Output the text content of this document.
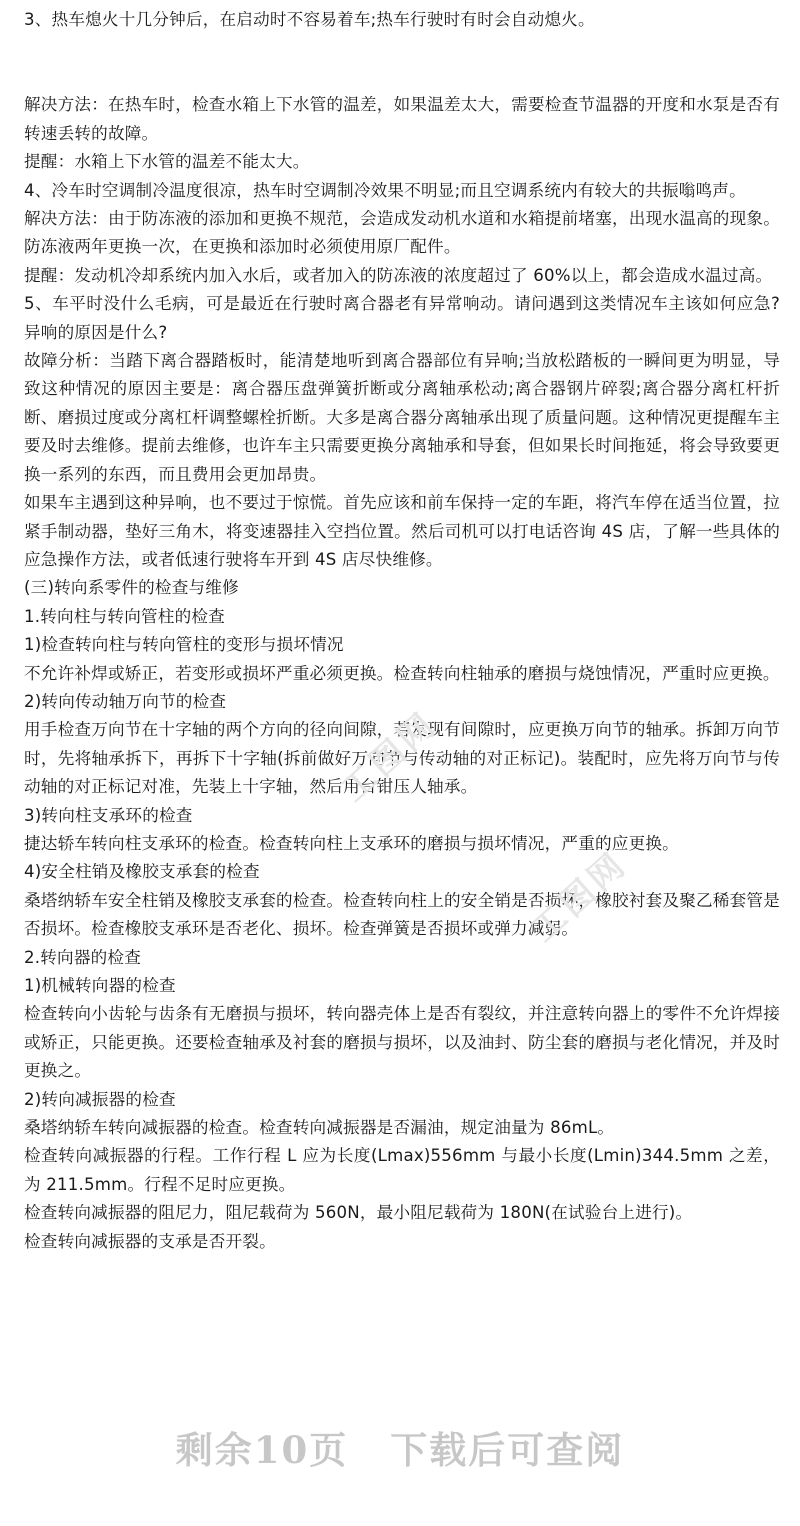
3、热车熄火十几分钟后，在启动时不容易着车;热车行驶时有时会自动熄火。

解决方法：在热车时，检查水箱上下水管的温差，如果温差太大，需要检查节温器的开度和水泵是否有转速丢转的故障。

提醒：水箱上下水管的温差不能太大。

4、冷车时空调制冷温度很凉，热车时空调制冷效果不明显;而且空调系统内有较大的共振嗡鸣声。

解决方法：由于防冻液的添加和更换不规范，会造成发动机水道和水箱提前堵塞，出现水温高的现象。防冻液两年更换一次，在更换和添加时必须使用原厂配件。

提醒：发动机冷却系统内加入水后，或者加入的防冻液的浓度超过了 60%以上，都会造成水温过高。

5、车平时没什么毛病，可是最近在行驶时离合器老有异常响动。请问遇到这类情况车主该如何应急?异响的原因是什么?

故障分析：当踏下离合器踏板时，能清楚地听到离合器部位有异响;当放松踏板的一瞬间更为明显，导致这种情况的原因主要是：离合器压盘弹簧折断或分离轴承松动;离合器钢片碎裂;离合器分离杠杆折断、磨损过度或分离杠杆调整螺栓折断。大多是离合器分离轴承出现了质量问题。这种情况更提醒车主要及时去维修。提前去维修，也许车主只需要更换分离轴承和导套，但如果长时间拖延，将会导致要更换一系列的东西，而且费用会更加昂贵。

如果车主遇到这种异响，也不要过于惊慌。首先应该和前车保持一定的车距，将汽车停在适当位置，拉紧手制动器，垫好三角木，将变速器挂入空挡位置。然后司机可以打电话咨询 4S 店，了解一些具体的应急操作方法，或者低速行驶将车开到 4S 店尽快维修。

(三)转向系零件的检查与维修

1.转向柱与转向管柱的检查

1)检查转向柱与转向管柱的变形与损坏情况

不允许补焊或矫正，若变形或损坏严重必须更换。检查转向柱轴承的磨损与烧蚀情况，严重时应更换。

2)转向传动轴万向节的检查

用手检查万向节在十字轴的两个方向的径向间隙，若发现有间隙时，应更换万向节的轴承。拆卸万向节时，先将轴承拆下，再拆下十字轴(拆前做好万向节与传动轴的对正标记)。装配时，应先将万向节与传动轴的对正标记对准，先装上十字轴，然后用台钳压人轴承。

3)转向柱支承环的检查

捷达轿车转向柱支承环的检查。检查转向柱上支承环的磨损与损坏情况，严重的应更换。

4)安全柱销及橡胶支承套的检查

桑塔纳轿车安全柱销及橡胶支承套的检查。检查转向柱上的安全销是否损坏，橡胶衬套及聚乙稀套管是否损坏。检查橡胶支承环是否老化、损坏。检查弹簧是否损坏或弹力减弱。

2.转向器的检查

1)机械转向器的检查

检查转向小齿轮与齿条有无磨损与损坏，转向器壳体上是否有裂纹，并注意转向器上的零件不允许焊接或矫正，只能更换。还要检查轴承及衬套的磨损与损坏，以及油封、防尘套的磨损与老化情况，并及时更换之。

2)转向减振器的检查

桑塔纳轿车转向减振器的检查。检查转向减振器是否漏油，规定油量为 86mL。

检查转向减振器的行程。工作行程 L 应为长度(Lmax)556mm 与最小长度(Lmin)344.5mm 之差，为 211.5mm。行程不足时应更换。

检查转向减振器的阻尼力，阻尼载荷为 560N，最小阻尼载荷为 180N(在试验台上进行)。

检查转向减振器的支承是否开裂。

工图网
工图网
剩余10页 下载后可查阅
